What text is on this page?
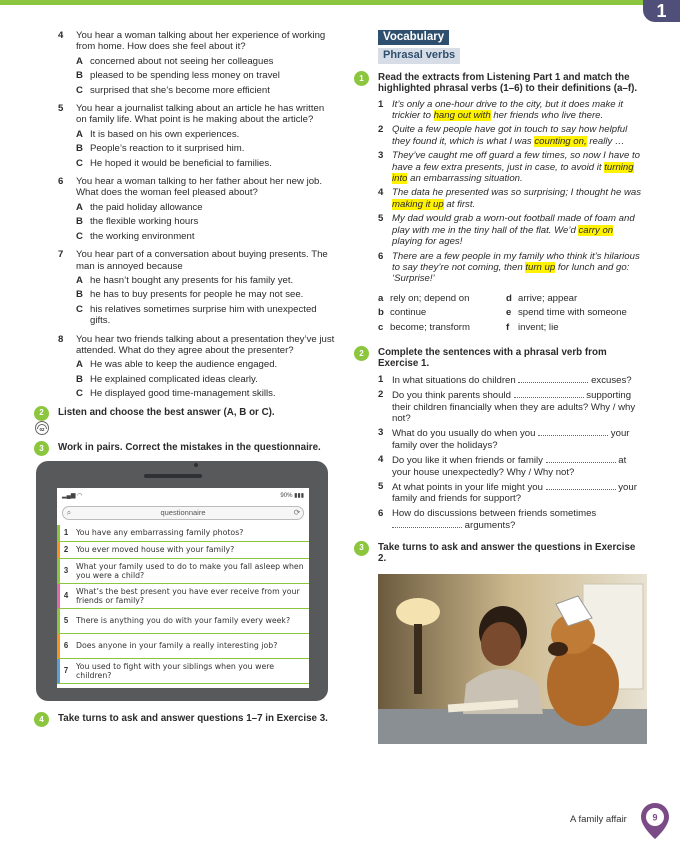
1
4	You hear a woman talking about her experience of working from home. How does she feel about it?
A concerned about not seeing her colleagues
B pleased to be spending less money on travel
C surprised that she’s become more efficient
5	You hear a journalist talking about an article he has written on family life. What point is he making about the article?
A It is based on his own experiences.
B People’s reaction to it surprised him.
C He hoped it would be beneficial to families.
6	You hear a woman talking to her father about her new job. What does the woman feel pleased about?
A the paid holiday allowance
B the flexible working hours
C the working environment
7	You hear part of a conversation about buying presents. The man is annoyed because
A he hasn’t bought any presents for his family yet.
B he has to buy presents for people he may not see.
C his relatives sometimes surprise him with unexpected gifts.
8	You hear two friends talking about a presentation they’ve just attended. What do they agree about the presenter?
A He was able to keep the audience engaged.
B He explained complicated ideas clearly.
C He displayed good time-management skills.
2	Listen and choose the best answer (A, B or C).
02
3	Work in pairs. Correct the mistakes in the questionnaire.
▂▄▆ ◠	90% ▮▮▮
⌕	questionnaire	⟳
1	You have any embarrassing family photos?
2	You ever moved house with your family?
3	What your family used to do to make you fall asleep when you were a child?
4	What’s the best present you have ever receive from your friends or family?
5	There is anything you do with your family every week?
6	Does anyone in your family a really interesting job?
7	You used to fight with your siblings when you were children?
4	Take turns to ask and answer questions 1–7 in Exercise 3.
Vocabulary
Phrasal verbs
1	Read the extracts from Listening Part 1 and match the highlighted phrasal verbs (1–6) to their definitions (a–f).
1 It’s only a one-hour drive to the city, but it does make it trickier to hang out with her friends who live there.
2 Quite a few people have got in touch to say how helpful they found it, which is what I was counting on, really …
3 They’ve caught me off guard a few times, so now I have to have a few extra presents, just in case, to avoid it turning into an embarrassing situation.
4 The data he presented was so surprising; I thought he was making it up at first.
5 My dad would grab a worn-out football made of foam and play with me in the tiny hall of the flat. We’d carry on playing for ages!
6 There are a few people in my family who think it’s hilarious to say they’re not coming, then turn up for lunch and go: ‘Surprise!’
a rely on; depend on	d arrive; appear
b continue	e spend time with someone
c become; transform	f invent; lie
2	Complete the sentences with a phrasal verb from Exercise 1.
1 In what situations do children	excuses?
2 Do you think parents should	supporting their children financially when they are adults? Why / why not?
3 What do you usually do when you	your family over the holidays?
4 Do you like it when friends or family	at your house unexpectedly? Why / Why not?
5 At what points in your life might you	your family and friends for support?
6 How do discussions between friends sometimes  arguments?
3	Take turns to ask and answer the questions in Exercise 2.
A family affair	9
